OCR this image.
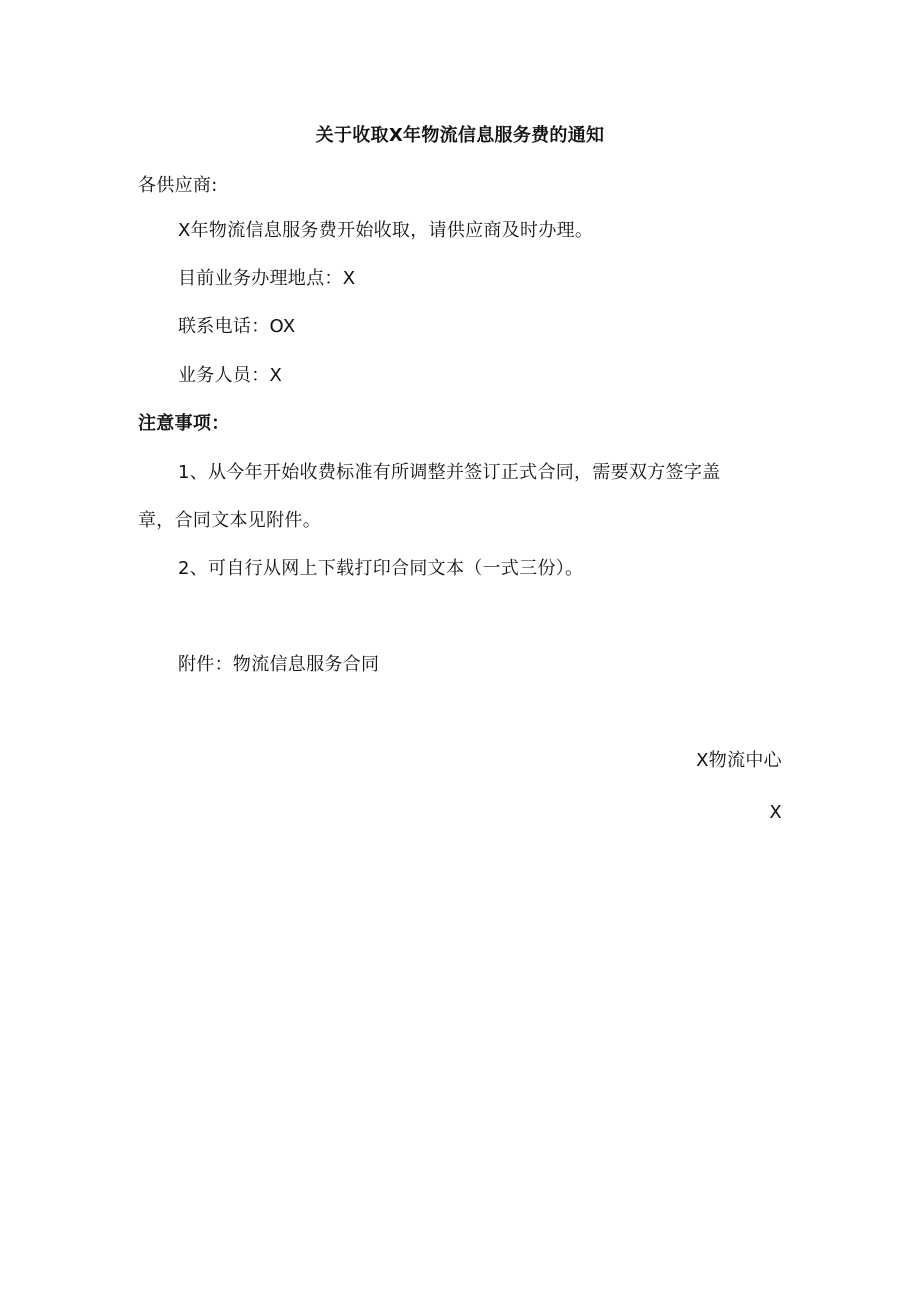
关于收取X年物流信息服务费的通知
各供应商:
X年物流信息服务费开始收取，请供应商及时办理。
目前业务办理地点：X
联系电话：OX
业务人员：X
注意事项：
1、从今年开始收费标准有所调整并签订正式合同，需要双方签字盖
章，合同文本见附件。
2、可自行从网上下载打印合同文本（一式三份）。
附件：物流信息服务合同
X物流中心
X
